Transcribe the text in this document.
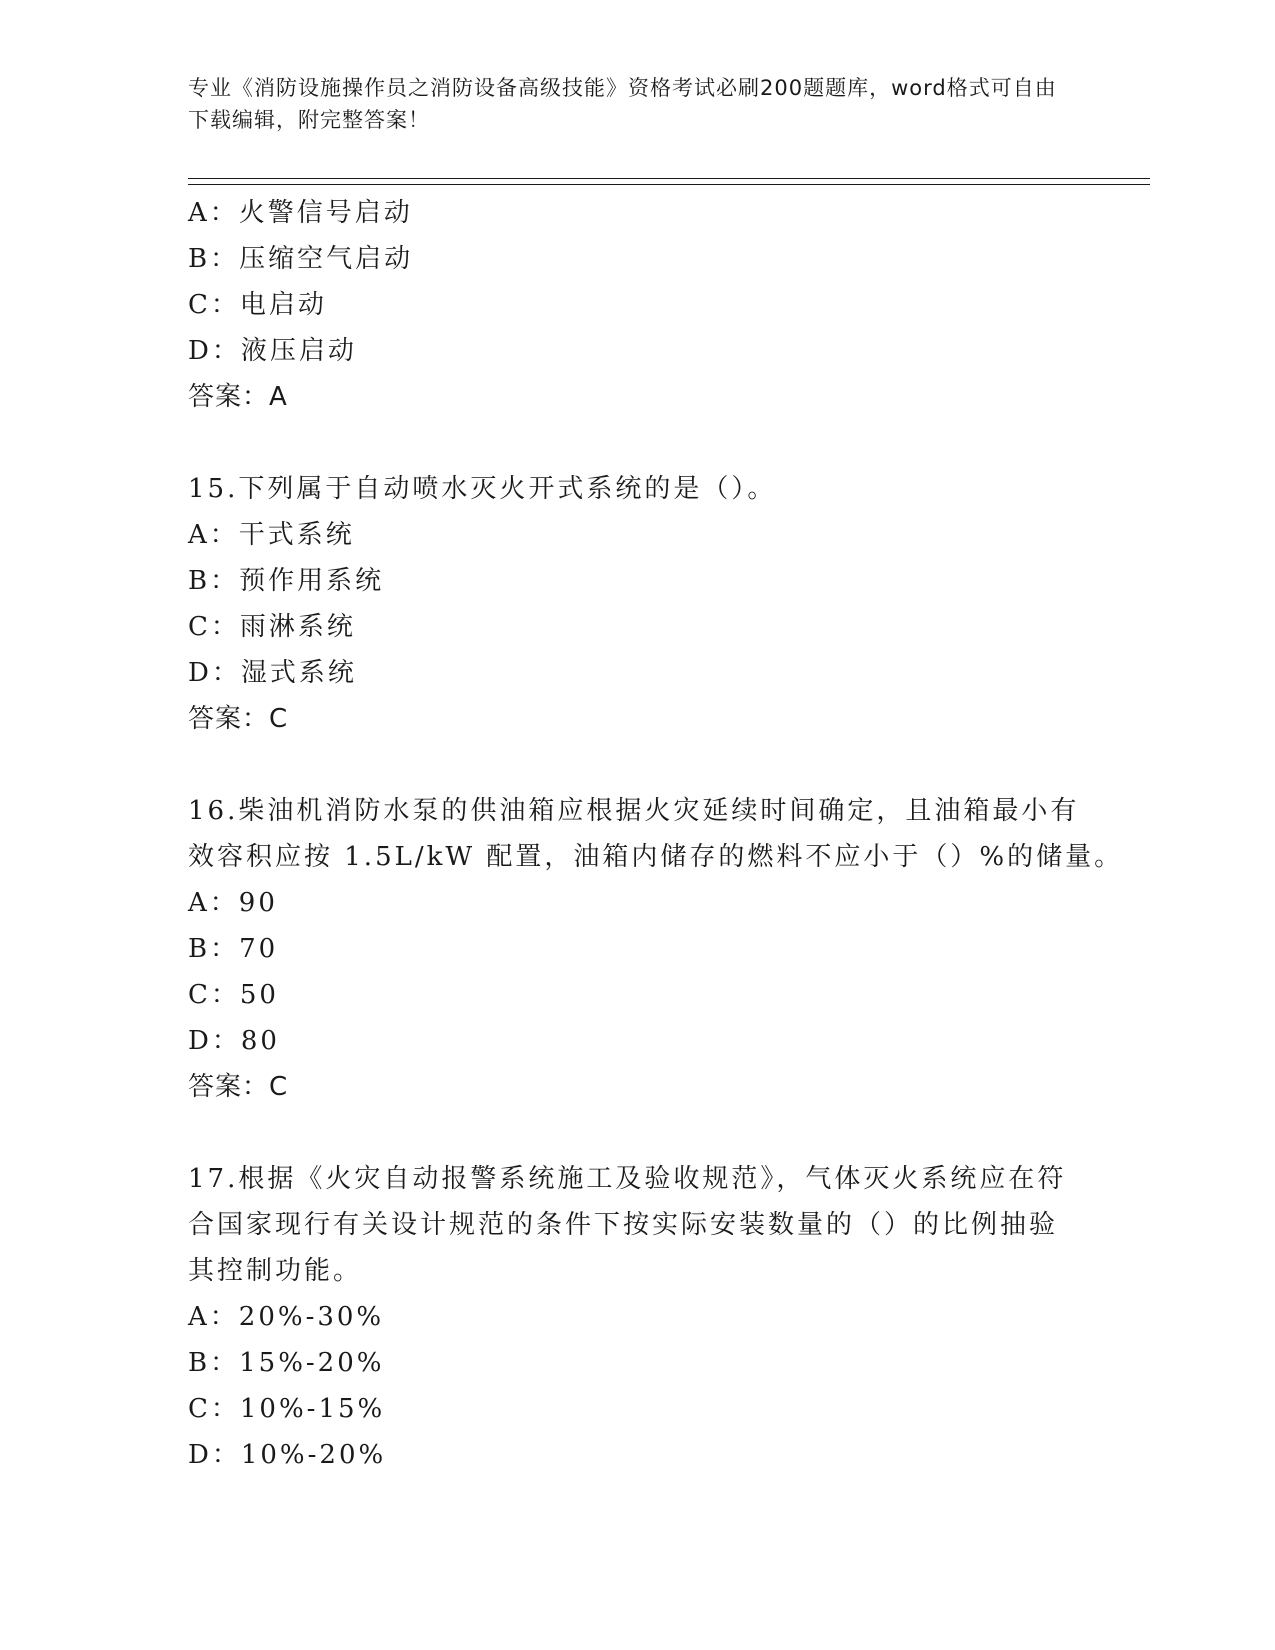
专业《消防设施操作员之消防设备高级技能》资格考试必刷200题题库，word格式可自由下载编辑，附完整答案！
A：火警信号启动
B：压缩空气启动
C：电启动
D：液压启动
答案：A
15.下列属于自动喷水灭火开式系统的是（）。
A：干式系统
B：预作用系统
C：雨淋系统
D：湿式系统
答案：C
16.柴油机消防水泵的供油箱应根据火灾延续时间确定，且油箱最小有
效容积应按 1.5L/kW 配置，油箱内储存的燃料不应小于（）%的储量。
A：90
B：70
C：50
D：80
答案：C
17.根据《火灾自动报警系统施工及验收规范》，气体灭火系统应在符
合国家现行有关设计规范的条件下按实际安装数量的（）的比例抽验
其控制功能。
A：20%-30%
B：15%-20%
C：10%-15%
D：10%-20%
